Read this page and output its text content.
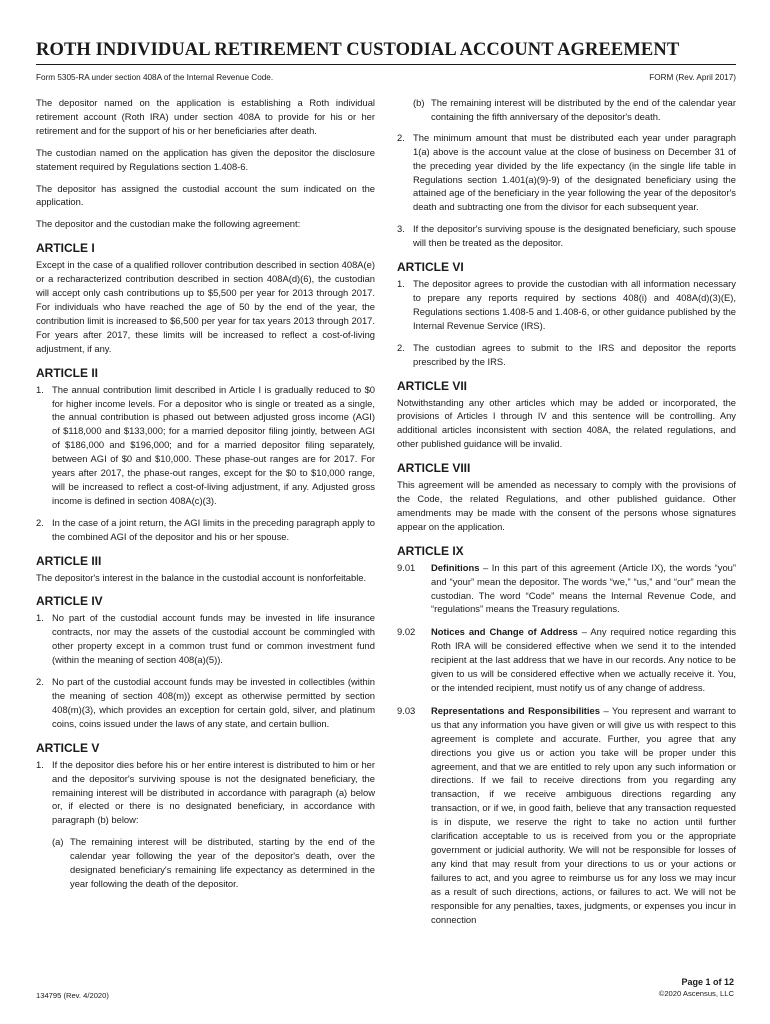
ROTH INDIVIDUAL RETIREMENT CUSTODIAL ACCOUNT AGREEMENT
Form 5305-RA under section 408A of the Internal Revenue Code.	FORM (Rev. April 2017)

The depositor named on the application is establishing a Roth individual retirement account (Roth IRA) under section 408A to provide for his or her retirement and for the support of his or her beneficiaries after death.

The custodian named on the application has given the depositor the disclosure statement required by Regulations section 1.408-6.

The depositor has assigned the custodial account the sum indicated on the application.

The depositor and the custodian make the following agreement:

ARTICLE I

Except in the case of a qualified rollover contribution described in section 408A(e) or a recharacterized contribution described in section 408A(d)(6), the custodian will accept only cash contributions up to $5,500 per year for 2013 through 2017. For individuals who have reached the age of 50 by the end of the year, the contribution limit is increased to $6,500 per year for tax years 2013 through 2017. For years after 2017, these limits will be increased to reflect a cost-of-living adjustment, if any.

ARTICLE II
1. The annual contribution limit described in Article I is gradually reduced to $0 for higher income levels. For a depositor who is single or treated as a single, the annual contribution is phased out between adjusted gross income (AGI) of $118,000 and $133,000; for a married depositor filing jointly, between AGI of $186,000 and $196,000; and for a married depositor filing separately, between AGI of $0 and $10,000. These phase-out ranges are for 2017. For years after 2017, the phase-out ranges, except for the $0 to $10,000 range, will be increased to reflect a cost-of-living adjustment, if any. Adjusted gross income is defined in section 408A(c)(3).
2. In the case of a joint return, the AGI limits in the preceding paragraph apply to the combined AGI of the depositor and his or her spouse.
ARTICLE III

The depositor's interest in the balance in the custodial account is nonforfeitable.

ARTICLE IV
1. No part of the custodial account funds may be invested in life insurance contracts, nor may the assets of the custodial account be commingled with other property except in a common trust fund or common investment fund (within the meaning of section 408(a)(5)).
2. No part of the custodial account funds may be invested in collectibles (within the meaning of section 408(m)) except as otherwise permitted by section 408(m)(3), which provides an exception for certain gold, silver, and platinum coins, coins issued under the laws of any state, and certain bullion.
ARTICLE V
1. If the depositor dies before his or her entire interest is distributed to him or her and the depositor's surviving spouse is not the designated beneficiary, the remaining interest will be distributed in accordance with paragraph (a) below or, if elected or there is no designated beneficiary, in accordance with paragraph (b) below:
(a) The remaining interest will be distributed, starting by the end of the calendar year following the year of the depositor's death, over the designated beneficiary's remaining life expectancy as determined in the year following the death of the depositor.
(b) The remaining interest will be distributed by the end of the calendar year containing the fifth anniversary of the depositor's death.
2. The minimum amount that must be distributed each year under paragraph 1(a) above is the account value at the close of business on December 31 of the preceding year divided by the life expectancy (in the single life table in Regulations section 1.401(a)(9)-9) of the designated beneficiary using the attained age of the beneficiary in the year following the year of the depositor's death and subtracting one from the divisor for each subsequent year.
3. If the depositor's surviving spouse is the designated beneficiary, such spouse will then be treated as the depositor.
ARTICLE VI
1. The depositor agrees to provide the custodian with all information necessary to prepare any reports required by sections 408(i) and 408A(d)(3)(E), Regulations sections 1.408-5 and 1.408-6, or other guidance published by the Internal Revenue Service (IRS).
2. The custodian agrees to submit to the IRS and depositor the reports prescribed by the IRS.
ARTICLE VII

Notwithstanding any other articles which may be added or incorporated, the provisions of Articles I through IV and this sentence will be controlling. Any additional articles inconsistent with section 408A, the related regulations, and other published guidance will be invalid.

ARTICLE VIII

This agreement will be amended as necessary to comply with the provisions of the Code, the related Regulations, and other published guidance. Other amendments may be made with the consent of the persons whose signatures appear on the application.

ARTICLE IX
9.01	Definitions – In this part of this agreement (Article IX), the words “you” and “your” mean the depositor. The words “we,” “us,” and “our” mean the custodian. The word “Code” means the Internal Revenue Code, and “regulations” means the Treasury regulations.
9.02	Notices and Change of Address – Any required notice regarding this Roth IRA will be considered effective when we send it to the intended recipient at the last address that we have in our records. Any notice to be given to us will be considered effective when we actually receive it. You, or the intended recipient, must notify us of any change of address.
9.03	Representations and Responsibilities – You represent and warrant to us that any information you have given or will give us with respect to this agreement is complete and accurate. Further, you agree that any directions you give us or action you take will be proper under this agreement, and that we are entitled to rely upon any such information or directions. If we fail to receive directions from you regarding any transaction, if we receive ambiguous directions regarding any transaction, or if we, in good faith, believe that any transaction requested is in dispute, we reserve the right to take no action until further clarification acceptable to us is received from you or the appropriate government or judicial authority. We will not be responsible for losses of any kind that may result from your directions to us or your actions or failures to act, and you agree to reimburse us for any loss we may incur as a result of such directions, actions, or failures to act. We will not be responsible for any penalties, taxes, judgments, or expenses you incur in connection
134795 (Rev. 4/2020)
Page 1 of 12
©2020 Ascensus, LLC
